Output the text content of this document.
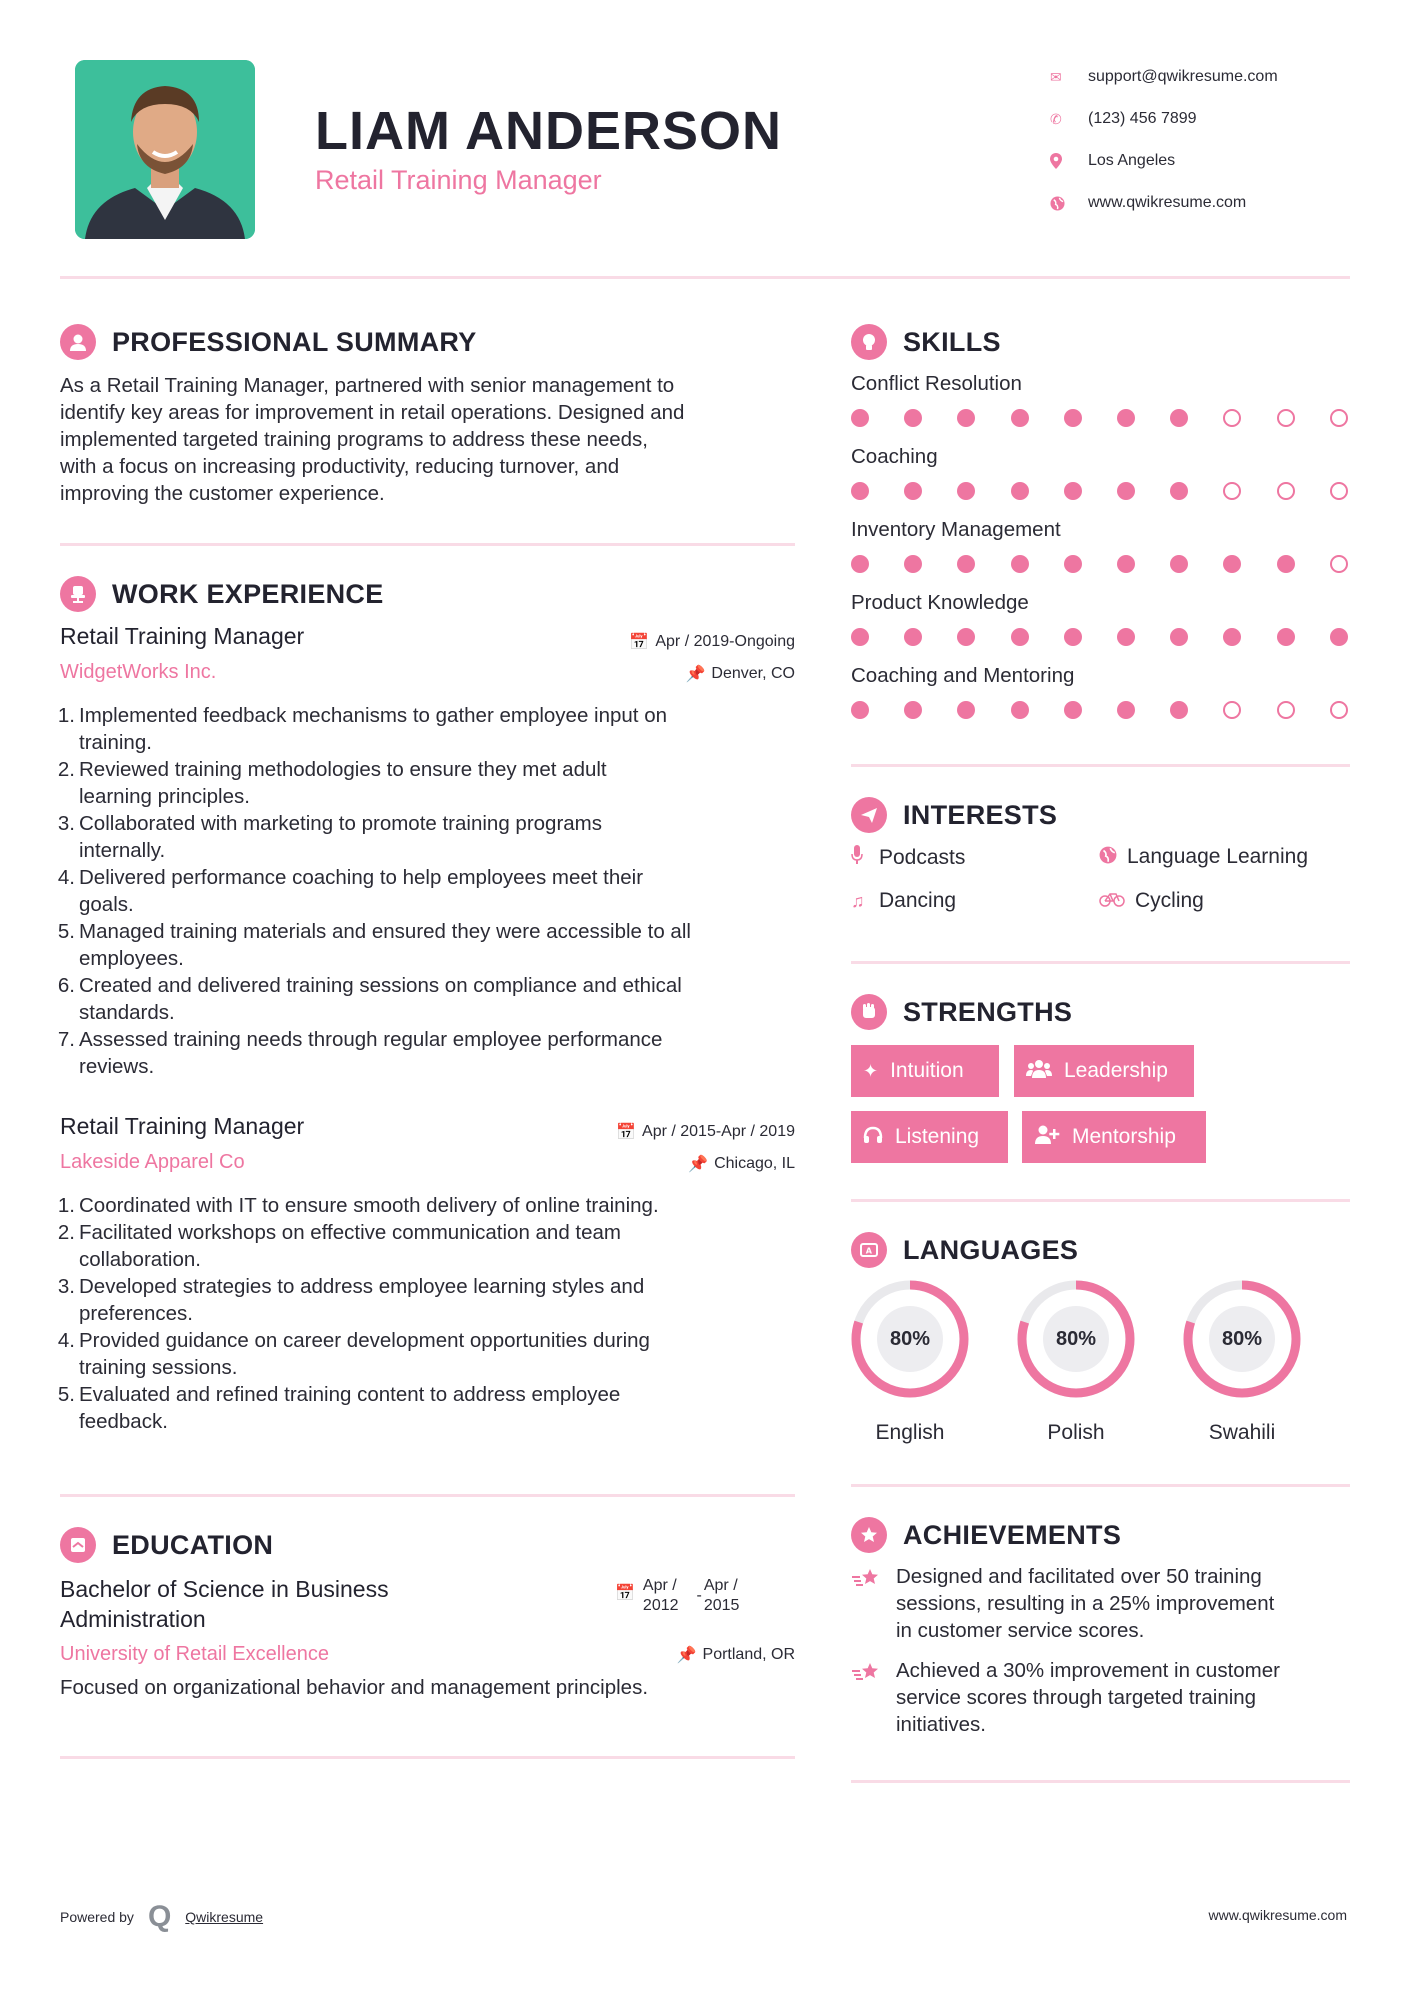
LIAM ANDERSON
Retail Training Manager
✉	support@qwikresume.com
✆	(123) 456 7899
Los Angeles
www.qwikresume.com
PROFESSIONAL SUMMARY
As a Retail Training Manager, partnered with senior management to
identify key areas for improvement in retail operations. Designed and
implemented targeted training programs to address these needs,
with a focus on increasing productivity, reducing turnover, and
improving the customer experience.
WORK EXPERIENCE
Retail Training Manager
WidgetWorks Inc.
📅 Apr / 2019-Ongoing
📌 Denver, CO
1. Implemented feedback mechanisms to gather employee input on
training.
2. Reviewed training methodologies to ensure they met adult
learning principles.
3. Collaborated with marketing to promote training programs
internally.
4. Delivered performance coaching to help employees meet their
goals.
5. Managed training materials and ensured they were accessible to all
employees.
6. Created and delivered training sessions on compliance and ethical
standards.
7. Assessed training needs through regular employee performance
reviews.
Retail Training Manager
Lakeside Apparel Co
📅 Apr / 2015-Apr / 2019
📌 Chicago, IL
1. Coordinated with IT to ensure smooth delivery of online training.
2. Facilitated workshops on effective communication and team
collaboration.
3. Developed strategies to address employee learning styles and
preferences.
4. Provided guidance on career development opportunities during
training sessions.
5. Evaluated and refined training content to address employee
feedback.
EDUCATION
Bachelor of Science in Business
Administration
University of Retail Excellence
📅 Apr /
2012
-
Apr /
2015
📌 Portland, OR
Focused on organizational behavior and management principles.
SKILLS
Conflict Resolution
Coaching
Inventory Management
Product Knowledge
Coaching and Mentoring
INTERESTS
Podcasts	Language Learning
♫ Dancing	Cycling
STRENGTHS
✦ Intuition	Leadership
Listening	Mentorship
A LANGUAGES
80%
English
80%
Polish
80%
Swahili
ACHIEVEMENTS
Designed and facilitated over 50 training
sessions, resulting in a 25% improvement
in customer service scores.
Achieved a 30% improvement in customer
service scores through targeted training
initiatives.
Powered by Q Qwikresume	www.qwikresume.com
